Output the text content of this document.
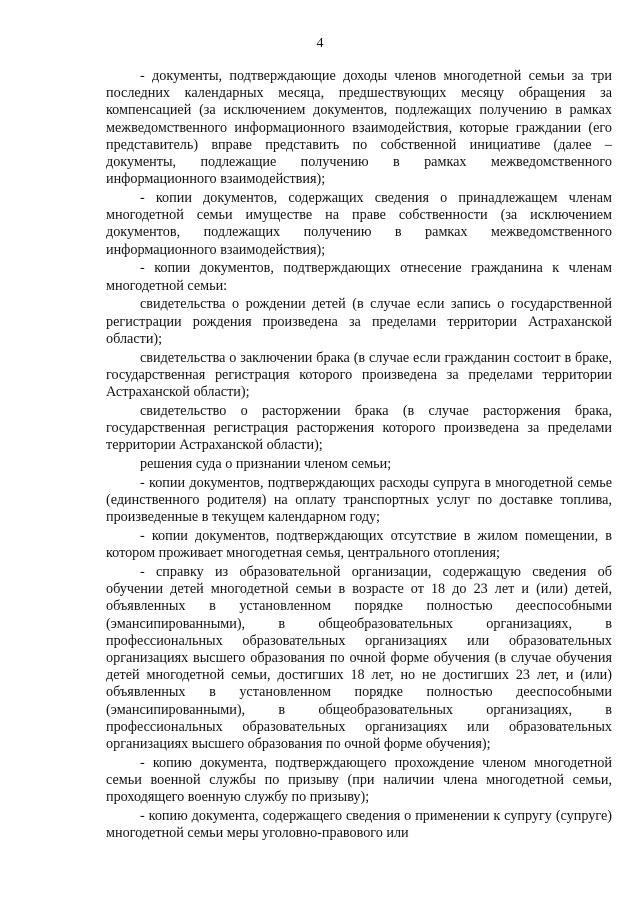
4

- документы, подтверждающие доходы членов многодетной семьи за три последних календарных месяца, предшествующих месяцу обращения за компенсацией (за исключением документов, подлежащих получению в рамках межведомственного информационного взаимодействия, которые граждании (его представитель) вправе представить по собственной инициативе (далее – документы, подлежащие получению в рамках межведомственного информационного взаимодействия);

- копии документов, содержащих сведения о принадлежащем членам многодетной семьи имуществе на праве собственности (за исключением документов, подлежащих получению в рамках межведомственного информационного взаимодействия);

- копии документов, подтверждающих отнесение гражданина к членам многодетной семьи:

свидетельства о рождении детей (в случае если запись о государственной регистрации рождения произведена за пределами территории Астраханской области);

свидетельства о заключении брака (в случае если гражданин состоит в браке, государственная регистрация которого произведена за пределами территории Астраханской области);

свидетельство о расторжении брака (в случае расторжения брака, государственная регистрация расторжения которого произведена за пределами территории Астраханской области);

решения суда о признании членом семьи;

- копии документов, подтверждающих расходы супруга в многодетной семье (единственного родителя) на оплату транспортных услуг по доставке топлива, произведенные в текущем календарном году;

- копии документов, подтверждающих отсутствие в жилом помещении, в котором проживает многодетная семья, центрального отопления;

- справку из образовательной организации, содержащую сведения об обучении детей многодетной семьи в возрасте от 18 до 23 лет и (или) детей, объявленных в установленном порядке полностью дееспособными (эмансипированными), в общеобразовательных организациях, в профессиональных образовательных организациях или образовательных организациях высшего образования по очной форме обучения (в случае обучения детей многодетной семьи, достигших 18 лет, но не достигших 23 лет, и (или) объявленных в установленном порядке полностью дееспособными (эмансипированными), в общеобразовательных организациях, в профессиональных образовательных организациях или образовательных организациях высшего образования по очной форме обучения);

- копию документа, подтверждающего прохождение членом многодетной семьи военной службы по призыву (при наличии члена многодетной семьи, проходящего военную службу по призыву);

- копию документа, содержащего сведения о применении к супругу (супруге) многодетной семьи меры уголовно-правового или
